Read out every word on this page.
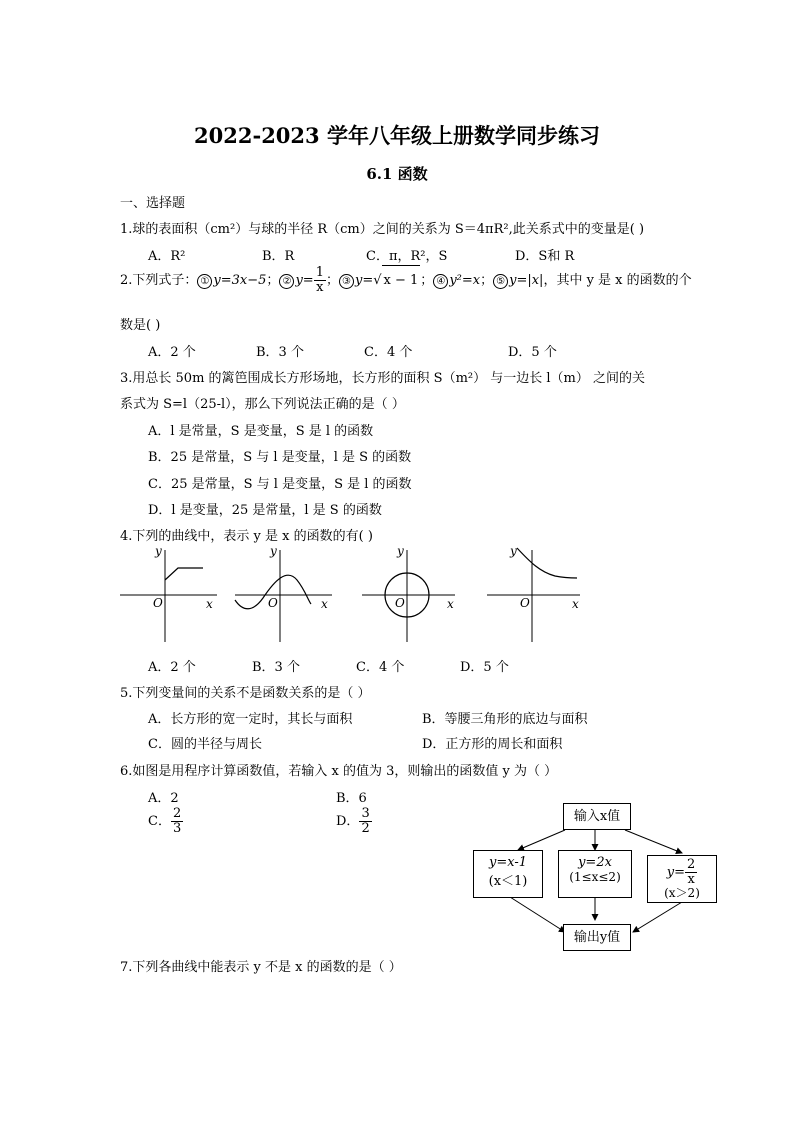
2022-2023 学年八年级上册数学同步练习
6.1 函数
一、选择题
1.球的表面积（cm²）与球的半径 R（cm）之间的关系为 S＝4πR²,此关系式中的变量是( )
A．R²	B．R	C．π，R²，S	D．S和 R
2.下列式子： ① y=3x−5； ② $y= \frac{1}{x}$ ； ③ y=√ x − 1 ； ④ y²=x； ⑤ y=|x|，其中 y 是 x 的函数的个
数是( )
A．2 个	B．3 个	C．4 个	D．5 个
3.用总长 50m 的篱笆围成长方形场地，长方形的面积 S（m²） 与一边长 l（m） 之间的关
系式为 S=l（25-l），那么下列说法正确的是（ ）
A．l 是常量，S 是变量，S 是 l 的函数
B．25 是常量，S 与 l 是变量，l 是 S 的函数
C．25 是常量，S 与 l 是变量，S 是 l 的函数
D．l 是变量，25 是常量，l 是 S 的函数
4.下列的曲线中，表示 y 是 x 的函数的有( )
y
x
O
y
x
O
y
x
O
y
x
O
A．2 个	B．3 个	C．4 个	D．5 个
5.下列变量间的关系不是函数关系的是（ ）
A．长方形的宽一定时，其长与面积	B．等腰三角形的底边与面积
C．圆的半径与周长	D．正方形的周长和面积
6.如图是用程序计算函数值，若输入 x 的值为 3，则输出的函数值 y 为（ ）
A．2	B．6
C． $\frac{2}{3}$	D． $\frac{3}{2}$	输入x值
y=x-1
(x＜1)
y=2x
(1≤x≤2)	$y= \frac{2}{x}$
(x＞2)
输出y值
7.下列各曲线中能表示 y 不是 x 的函数的是（ ）
